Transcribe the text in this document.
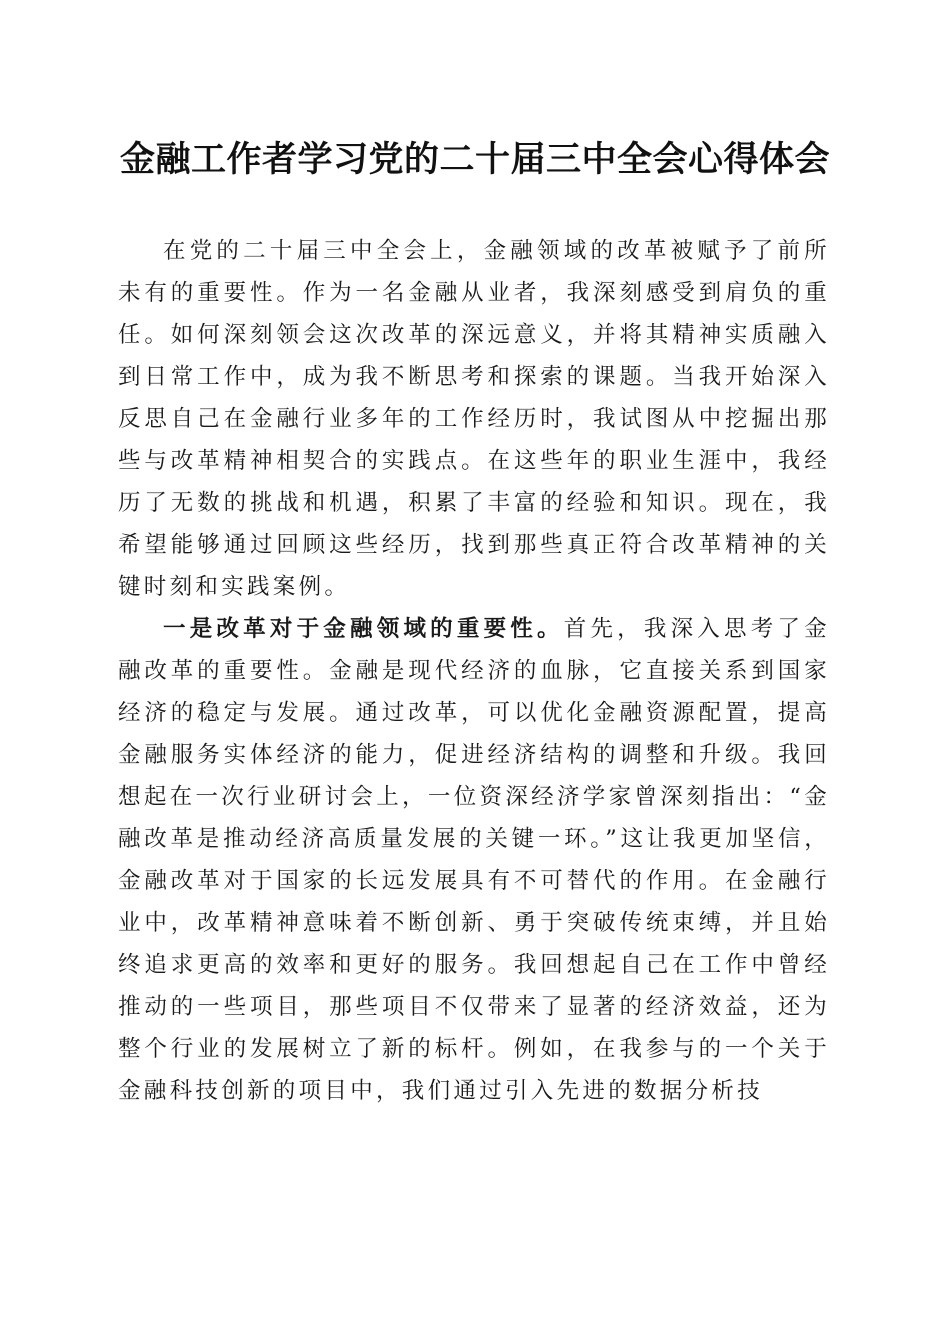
金融工作者学习党的二十届三中全会心得体会

在党的二十届三中全会上，金融领域的改革被赋予了前所未有的重要性。作为一名金融从业者，我深刻感受到肩负的重任。如何深刻领会这次改革的深远意义，并将其精神实质融入到日常工作中，成为我不断思考和探索的课题。当我开始深入反思自己在金融行业多年的工作经历时，我试图从中挖掘出那些与改革精神相契合的实践点。在这些年的职业生涯中，我经历了无数的挑战和机遇，积累了丰富的经验和知识。现在，我希望能够通过回顾这些经历，找到那些真正符合改革精神的关键时刻和实践案例。

一是改革对于金融领域的重要性。首先，我深入思考了金融改革的重要性。金融是现代经济的血脉，它直接关系到国家经济的稳定与发展。通过改革，可以优化金融资源配置，提高金融服务实体经济的能力，促进经济结构的调整和升级。我回想起在一次行业研讨会上，一位资深经济学家曾深刻指出：“金融改革是推动经济高质量发展的关键一环。”这让我更加坚信，金融改革对于国家的长远发展具有不可替代的作用。在金融行业中，改革精神意味着不断创新、勇于突破传统束缚，并且始终追求更高的效率和更好的服务。我回想起自己在工作中曾经推动的一些项目，那些项目不仅带来了显著的经济效益，还为整个行业的发展树立了新的标杆。例如，在我参与的一个关于金融科技创新的项目中，我们通过引入先进的数据分析技
